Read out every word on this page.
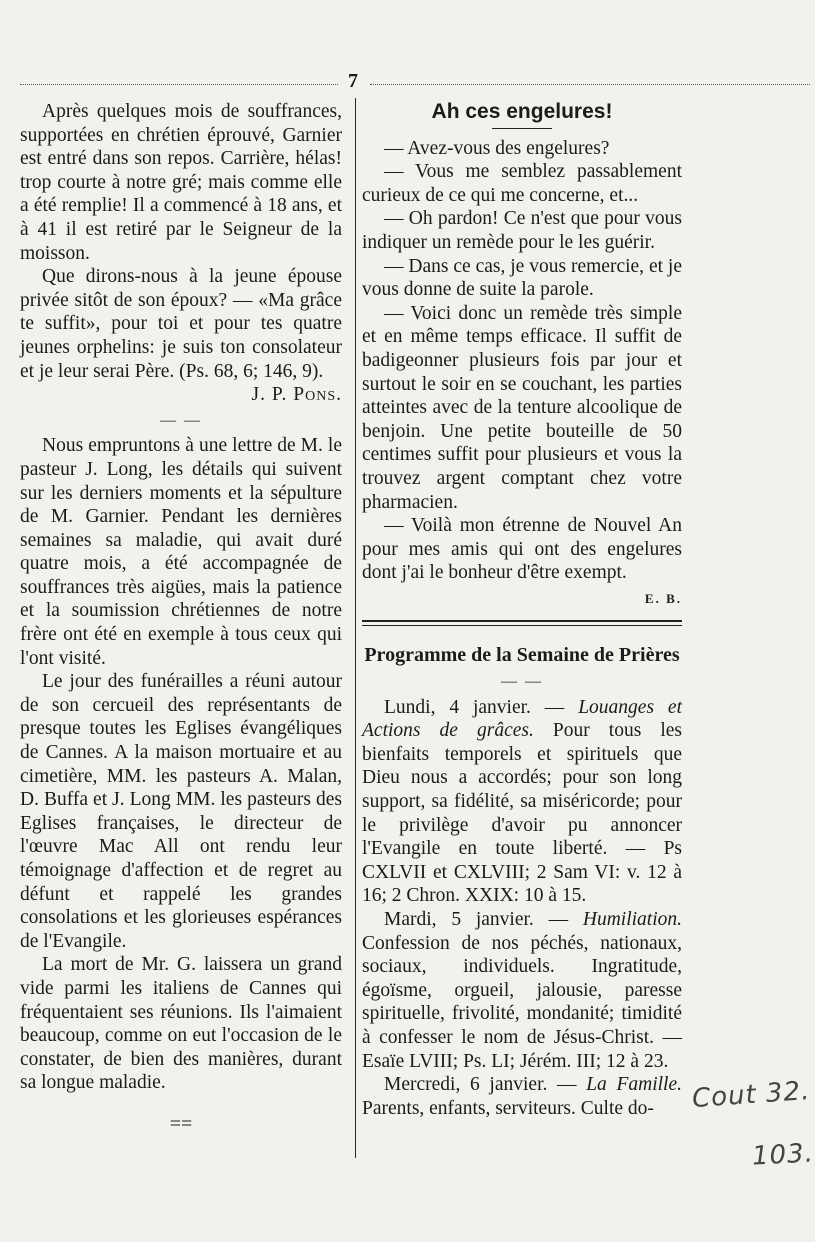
7

Après quelques mois de souffrances, supportées en chrétien éprouvé, Garnier est entré dans son repos. Carrière, hélas! trop courte à notre gré; mais comme elle a été remplie! Il a commencé à 18 ans, et à 41 il est retiré par le Seigneur de la moisson.

Que dirons-nous à la jeune épouse privée sitôt de son époux? — «Ma grâce te suffit», pour toi et pour tes quatre jeunes orphelins: je suis ton consolateur et je leur serai Père. (Ps. 68, 6; 146, 9).

J. P. Pons.
— —

Nous empruntons à une lettre de M. le pasteur J. Long, les détails qui suivent sur les derniers moments et la sépulture de M. Garnier. Pendant les dernières semaines sa maladie, qui avait duré quatre mois, a été accompagnée de souffrances très aigües, mais la patience et la soumission chrétiennes de notre frère ont été en exemple à tous ceux qui l'ont visité.

Le jour des funérailles a réuni autour de son cercueil des représentants de presque toutes les Eglises évangéliques de Cannes. A la maison mortuaire et au cimetière, MM. les pasteurs A. Malan, D. Buffa et J. Long MM. les pasteurs des Eglises françaises, le directeur de l'œuvre Mac All ont rendu leur témoignage d'affection et de regret au défunt et rappelé les grandes consolations et les glorieuses espérances de l'Evangile.

La mort de Mr. G. laissera un grand vide parmi les italiens de Cannes qui fréquentaient ses réunions. Ils l'aimaient beaucoup, comme on eut l'occasion de le constater, de bien des manières, durant sa longue maladie.

==
Ah ces engelures!

— Avez-vous des engelures?

— Vous me semblez passablement curieux de ce qui me concerne, et...

— Oh pardon! Ce n'est que pour vous indiquer un remède pour le les guérir.

— Dans ce cas, je vous remercie, et je vous donne de suite la parole.

— Voici donc un remède très simple et en même temps efficace. Il suffit de badigeonner plusieurs fois par jour et surtout le soir en se couchant, les parties atteintes avec de la tenture alcoolique de benjoin. Une petite bouteille de 50 centimes suffit pour plusieurs et vous la trouvez argent comptant chez votre pharmacien.

— Voilà mon étrenne de Nouvel An pour mes amis qui ont des engelures dont j'ai le bonheur d'être exempt.

E. B.
Programme de la Semaine de Prières
— —

Lundi, 4 janvier. — Louanges et Actions de grâces. Pour tous les bienfaits temporels et spirituels que Dieu nous a accordés; pour son long support, sa fidélité, sa miséricorde; pour le privilège d'avoir pu annoncer l'Evangile en toute liberté. — Ps CXLVII et CXLVIII; 2 Sam VI: v. 12 à 16; 2 Chron. XXIX: 10 à 15.

Mardi, 5 janvier. — Humiliation. Confession de nos péchés, nationaux, sociaux, individuels. Ingratitude, égoïsme, orgueil, jalousie, paresse spirituelle, frivolité, mondanité; timidité à confesser le nom de Jésus-Christ. — Esaïe LVIII; Ps. LI; Jérém. III; 12 à 23.

Mercredi, 6 janvier. — La Famille. Parents, enfants, serviteurs. Culte do-	Cout 32.
103.
